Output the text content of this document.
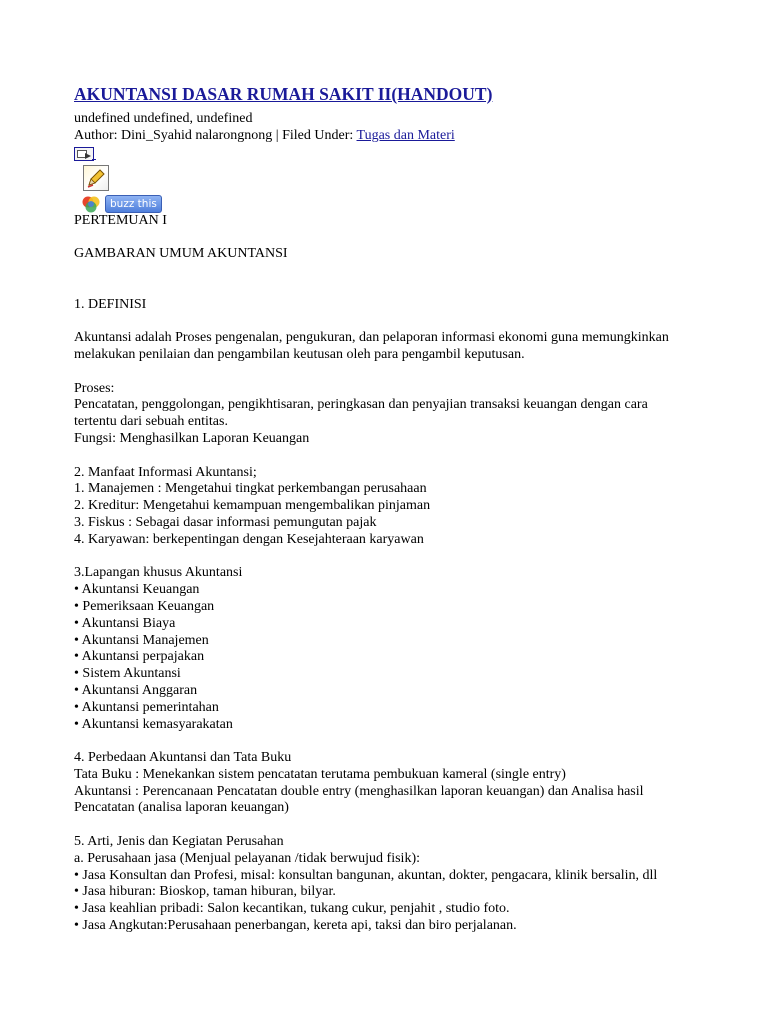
AKUNTANSI DASAR RUMAH SAKIT II(HANDOUT)

undefined undefined, undefined

Author: Dini_Syahid nalarongnong | Filed Under: Tugas dan Materi

buzz this

PERTEMUAN I

GAMBARAN UMUM AKUNTANSI

1. DEFINISI

Akuntansi adalah Proses pengenalan, pengukuran, dan pelaporan informasi ekonomi guna memungkinkan melakukan penilaian dan pengambilan keutusan oleh para pengambil keputusan.

Proses:

Pencatatan, penggolongan, pengikhtisaran, peringkasan dan penyajian transaksi keuangan dengan cara tertentu dari sebuah entitas.

Fungsi: Menghasilkan Laporan Keuangan

2. Manfaat Informasi Akuntansi;

1. Manajemen : Mengetahui tingkat perkembangan perusahaan

2. Kreditur: Mengetahui kemampuan mengembalikan pinjaman

3. Fiskus : Sebagai dasar informasi pemungutan pajak

4. Karyawan: berkepentingan dengan Kesejahteraan karyawan

3.Lapangan khusus Akuntansi

• Akuntansi Keuangan

• Pemeriksaan Keuangan

• Akuntansi Biaya

• Akuntansi Manajemen

• Akuntansi perpajakan

• Sistem Akuntansi

• Akuntansi Anggaran

• Akuntansi pemerintahan

• Akuntansi kemasyarakatan

4. Perbedaan Akuntansi dan Tata Buku

Tata Buku : Menekankan sistem pencatatan terutama pembukuan kameral (single entry)

Akuntansi : Perencanaan Pencatatan double entry (menghasilkan laporan keuangan) dan Analisa hasil Pencatatan (analisa laporan keuangan)

5. Arti, Jenis dan Kegiatan Perusahan

a. Perusahaan jasa (Menjual pelayanan /tidak berwujud fisik):

• Jasa Konsultan dan Profesi, misal: konsultan bangunan, akuntan, dokter, pengacara, klinik bersalin, dll

• Jasa hiburan: Bioskop, taman hiburan, bilyar.

• Jasa keahlian pribadi: Salon kecantikan, tukang cukur, penjahit , studio foto.

• Jasa Angkutan:Perusahaan penerbangan, kereta api, taksi dan biro perjalanan.
